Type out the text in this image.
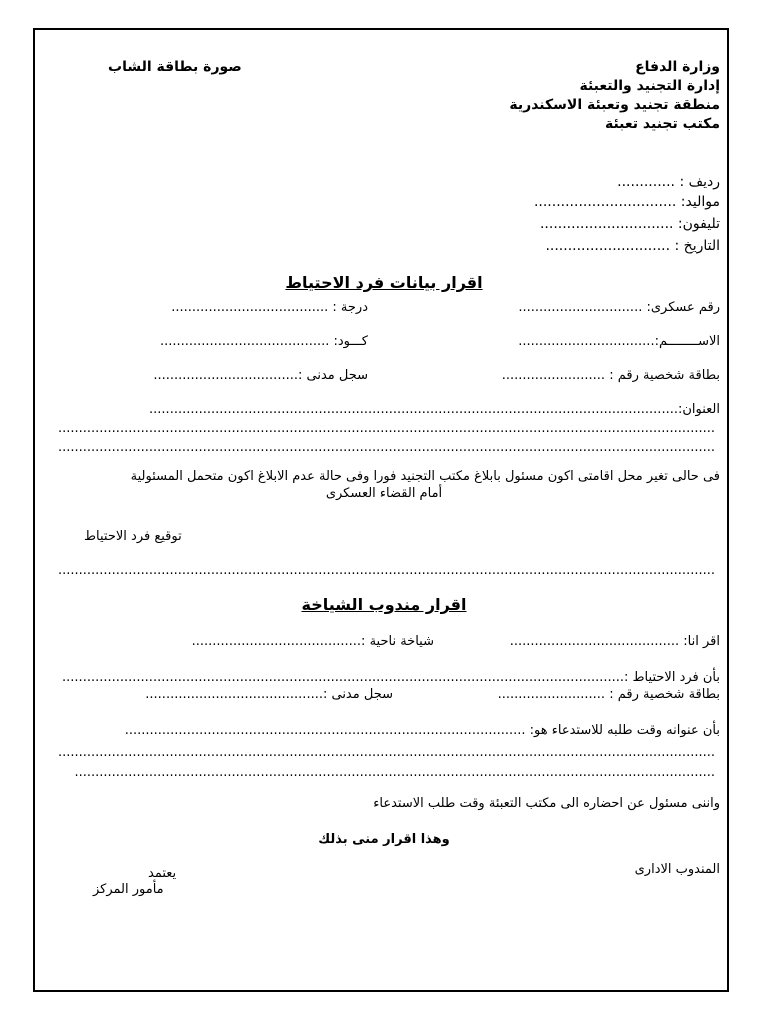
وزارة الدفاع
إدارة التجنيد والتعبئة
منطقة تجنيد وتعبئة الاسكندرية
مكتب تجنيد تعبئة
صورة بطاقة الشاب
رديف : .............
مواليد: ................................
تليفون: ..............................
التاريخ : ............................
اقرار بيانات فرد الاحتياط
رقم عسكرى: ..............................
درجة : ......................................
الاســــــــم:.................................
كـــود: .........................................
بطاقة شخصية رقم : .........................
سجل مدنى :...................................
العنوان:................................................................................................................................
...............................................................................................................................................................
...............................................................................................................................................................
فى حالى تغير محل اقامتى اكون مسئول بابلاغ مكتب التجنيد فورا وفى حالة عدم الابلاغ اكون متحمل المسئولية
أمام القضاء العسكرى
توقيع فرد الاحتياط
...............................................................................................................................................................
اقرار مندوب الشياخة
اقر انا: .........................................
شياخة ناحية :.........................................
بأن فرد الاحتياط :........................................................................................................................................
بطاقة شخصية رقم : ..........................
سجل مدنى :...........................................
بأن عنوانه وقت طلبه للاستدعاء هو: .................................................................................................
...............................................................................................................................................................
...........................................................................................................................................................
واننى مسئول عن احضاره الى مكتب التعبئة وقت طلب الاستدعاء
وهذا اقرار منى بذلك
المندوب الادارى
يعتمد
مأمور المركز
